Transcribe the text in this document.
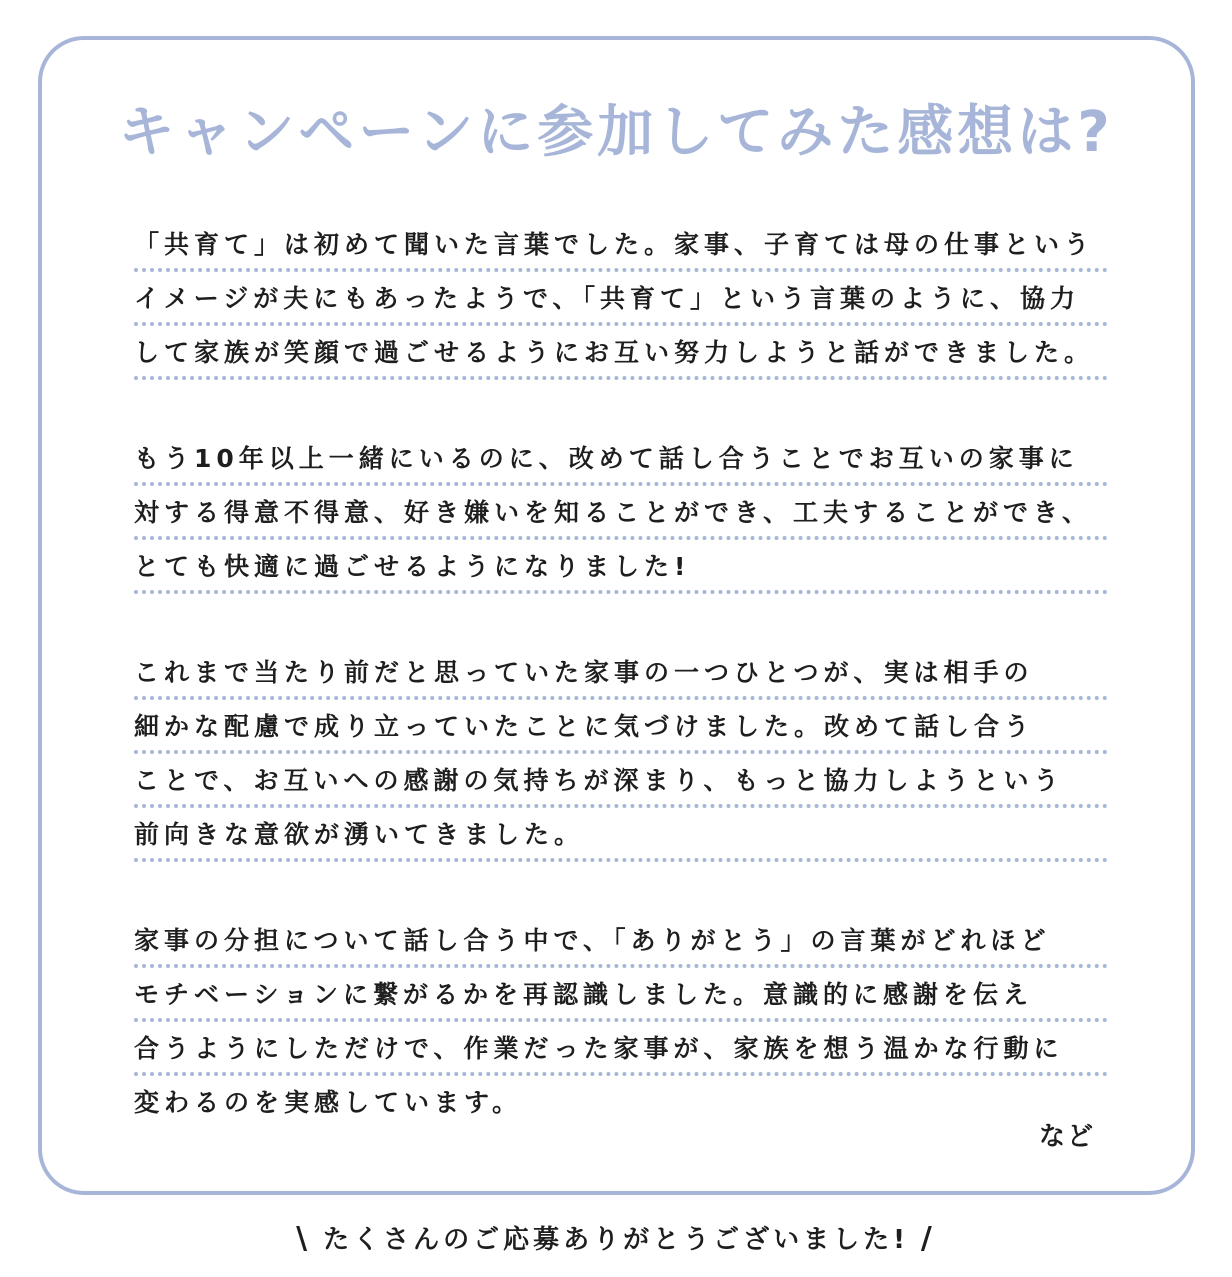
キャンペーンに参加してみた感想は?
「共育て」は初めて聞いた言葉でした。家事、子育ては母の仕事という
イメージが夫にもあったようで、「共育て」という言葉のように、協力
して家族が笑顔で過ごせるようにお互い努力しようと話ができました。
もう10年以上一緒にいるのに、改めて話し合うことでお互いの家事に
対する得意不得意、好き嫌いを知ることができ、工夫することができ、
とても快適に過ごせるようになりました!
これまで当たり前だと思っていた家事の一つひとつが、実は相手の
細かな配慮で成り立っていたことに気づけました。改めて話し合う
ことで、お互いへの感謝の気持ちが深まり、もっと協力しようという
前向きな意欲が湧いてきました。
家事の分担について話し合う中で、「ありがとう」の言葉がどれほど
モチベーションに繋がるかを再認識しました。意識的に感謝を伝え
合うようにしただけで、作業だった家事が、家族を想う温かな行動に
変わるのを実感しています。
など
\ たくさんのご応募ありがとうございました! /
